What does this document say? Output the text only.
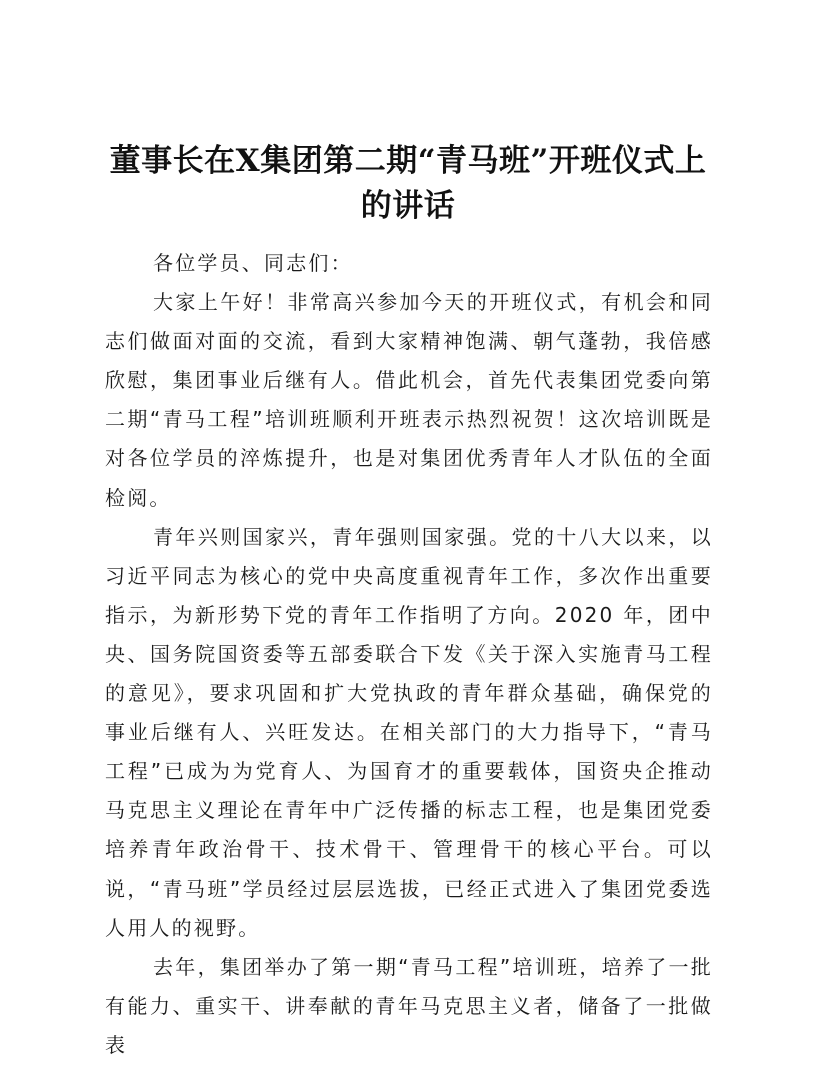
董事长在X集团第二期“青马班”开班仪式上的讲话

各位学员、同志们：

大家上午好！非常高兴参加今天的开班仪式，有机会和同志们做面对面的交流，看到大家精神饱满、朝气蓬勃，我倍感欣慰，集团事业后继有人。借此机会，首先代表集团党委向第二期“青马工程”培训班顺利开班表示热烈祝贺！这次培训既是对各位学员的淬炼提升，也是对集团优秀青年人才队伍的全面检阅。

青年兴则国家兴，青年强则国家强。党的十八大以来，以习近平同志为核心的党中央高度重视青年工作，多次作出重要指示，为新形势下党的青年工作指明了方向。2020 年，团中央、国务院国资委等五部委联合下发《关于深入实施青马工程的意见》，要求巩固和扩大党执政的青年群众基础，确保党的事业后继有人、兴旺发达。在相关部门的大力指导下，“青马工程”已成为为党育人、为国育才的重要载体，国资央企推动马克思主义理论在青年中广泛传播的标志工程，也是集团党委培养青年政治骨干、技术骨干、管理骨干的核心平台。可以说，“青马班”学员经过层层选拔，已经正式进入了集团党委选人用人的视野。

去年，集团举办了第一期“青马工程”培训班，培养了一批有能力、重实干、讲奉献的青年马克思主义者，储备了一批做表
